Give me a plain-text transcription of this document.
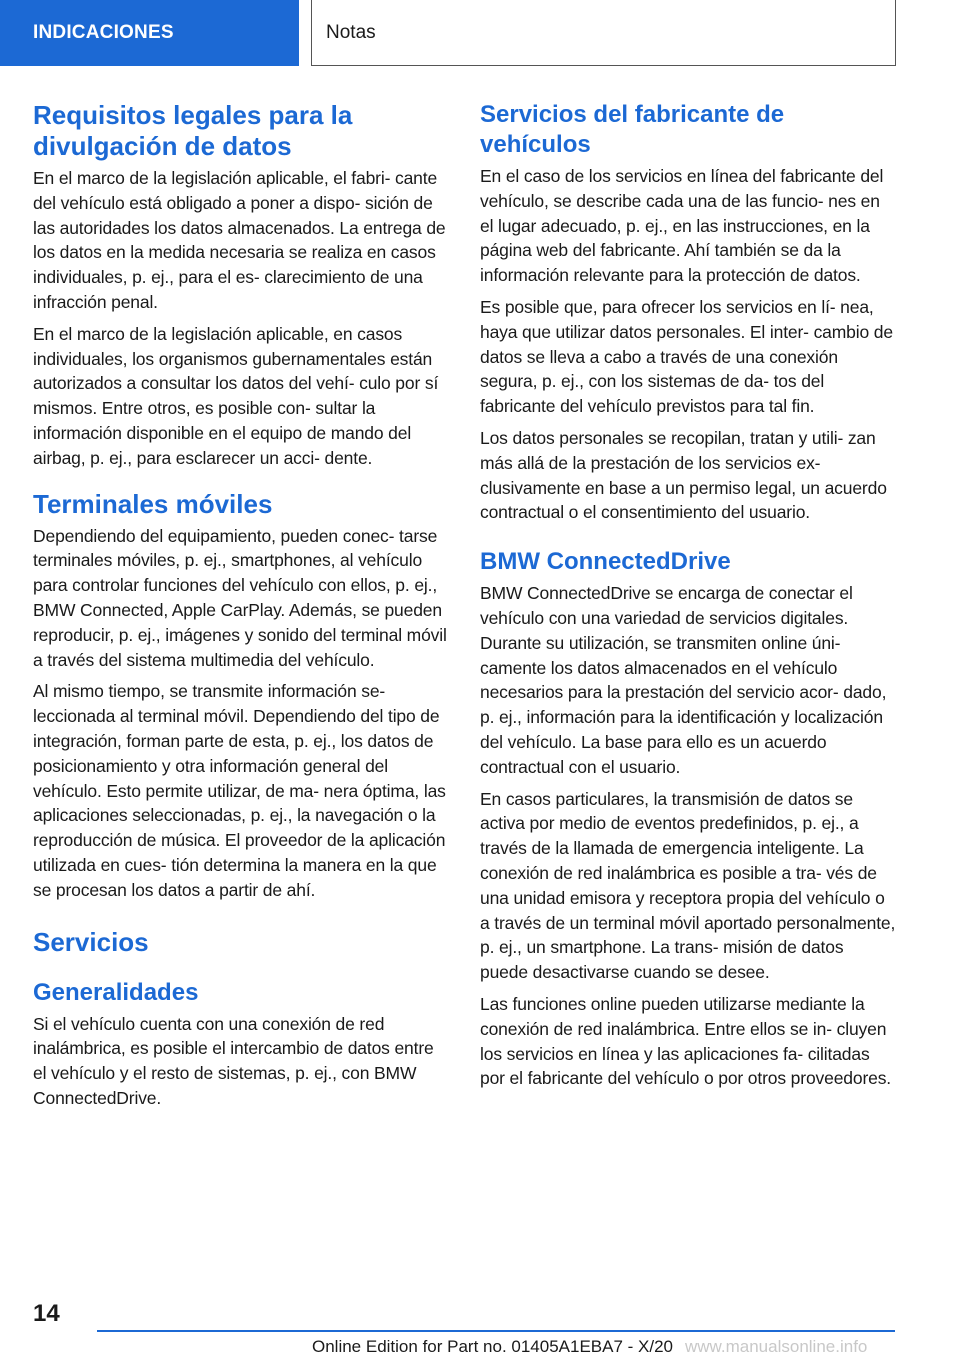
INDICACIONES	Notas
Requisitos legales para la
divulgación de datos

En el marco de la legislación aplicable, el fabri‐ cante del vehículo está obligado a poner a dispo‐ sición de las autoridades los datos almacenados. La entrega de los datos en la medida necesaria se realiza en casos individuales, p. ej., para el es‐ clarecimiento de una infracción penal.

En el marco de la legislación aplicable, en casos individuales, los organismos gubernamentales están autorizados a consultar los datos del vehí‐ culo por sí mismos. Entre otros, es posible con‐ sultar la información disponible en el equipo de mando del airbag, p. ej., para esclarecer un acci‐ dente.

Terminales móviles

Dependiendo del equipamiento, pueden conec‐ tarse terminales móviles, p. ej., smartphones, al vehículo para controlar funciones del vehículo con ellos, p. ej., BMW Connected, Apple CarPlay. Además, se pueden reproducir, p. ej., imágenes y sonido del terminal móvil a través del sistema multimedia del vehículo.

Al mismo tiempo, se transmite información se‐ leccionada al terminal móvil. Dependiendo del tipo de integración, forman parte de esta, p. ej., los datos de posicionamiento y otra información general del vehículo. Esto permite utilizar, de ma‐ nera óptima, las aplicaciones seleccionadas, p. ej., la navegación o la reproducción de música. El proveedor de la aplicación utilizada en cues‐ tión determina la manera en la que se procesan los datos a partir de ahí.

Servicios
Generalidades

Si el vehículo cuenta con una conexión de red inalámbrica, es posible el intercambio de datos entre el vehículo y el resto de sistemas, p. ej., con BMW ConnectedDrive.

Servicios del fabricante de vehículos

En el caso de los servicios en línea del fabricante del vehículo, se describe cada una de las funcio‐ nes en el lugar adecuado, p. ej., en las instrucciones, en la página web del fabricante. Ahí también se da la información relevante para la protección de datos.

Es posible que, para ofrecer los servicios en lí‐ nea, haya que utilizar datos personales. El inter‐ cambio de datos se lleva a cabo a través de una conexión segura, p. ej., con los sistemas de da‐ tos del fabricante del vehículo previstos para tal fin.

Los datos personales se recopilan, tratan y utili‐ zan más allá de la prestación de los servicios ex‐ clusivamente en base a un permiso legal, un acuerdo contractual o el consentimiento del usuario.

BMW ConnectedDrive

BMW ConnectedDrive se encarga de conectar el vehículo con una variedad de servicios digitales. Durante su utilización, se transmiten online úni‐ camente los datos almacenados en el vehículo necesarios para la prestación del servicio acor‐ dado, p. ej., información para la identificación y localización del vehículo. La base para ello es un acuerdo contractual con el usuario.

En casos particulares, la transmisión de datos se activa por medio de eventos predefinidos, p. ej., a través de la llamada de emergencia inteligente. La conexión de red inalámbrica es posible a tra‐ vés de una unidad emisora y receptora propia del vehículo o a través de un terminal móvil aportado personalmente, p. ej., un smartphone. La trans‐ misión de datos puede desactivarse cuando se desee.

Las funciones online pueden utilizarse mediante la conexión de red inalámbrica. Entre ellos se in‐ cluyen los servicios en línea y las aplicaciones fa‐ cilitadas por el fabricante del vehículo o por otros proveedores.

14
Online Edition for Part no. 01405A1EBA7 - X/20 www.manualsonline.info
